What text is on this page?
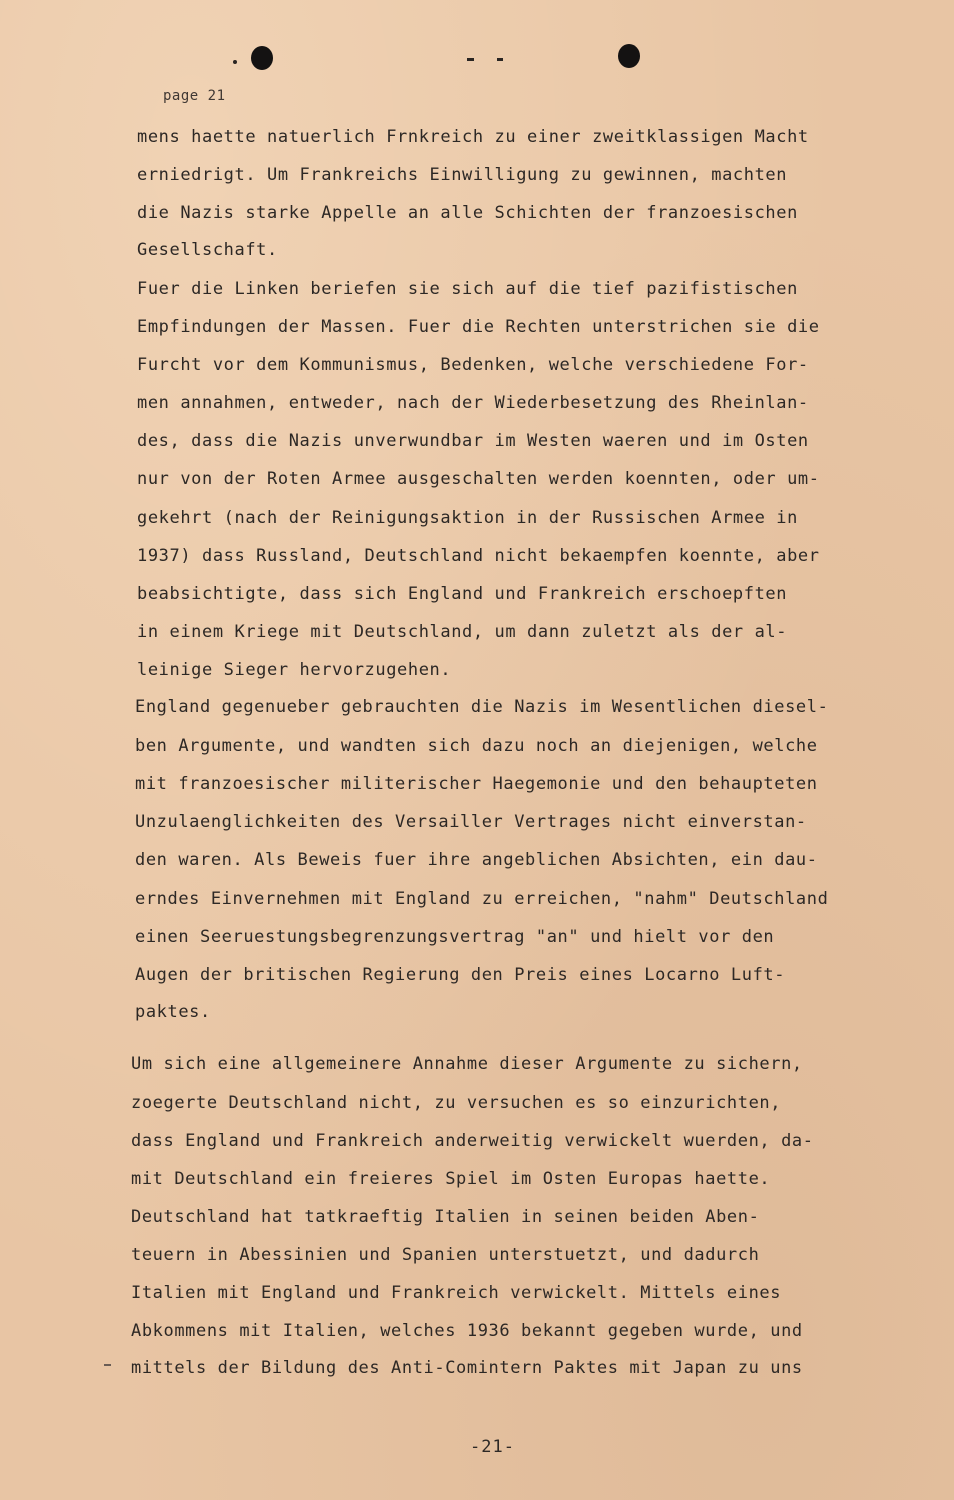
page 21
mens haette natuerlich Frnkreich zu einer zweitklassigen Macht
erniedrigt. Um Frankreichs Einwilligung zu gewinnen, machten
die Nazis starke Appelle an alle Schichten der franzoesischen
Gesellschaft.
Fuer die Linken beriefen sie sich auf die tief pazifistischen
Empfindungen der Massen. Fuer die Rechten unterstrichen sie die
Furcht vor dem Kommunismus, Bedenken, welche verschiedene For-
men annahmen, entweder, nach der Wiederbesetzung des Rheinlan-
des, dass die Nazis unverwundbar im Westen waeren und im Osten
nur von der Roten Armee ausgeschalten werden koennten, oder um-
gekehrt (nach der Reinigungsaktion in der Russischen Armee in
1937) dass Russland, Deutschland nicht bekaempfen koennte, aber
beabsichtigte, dass sich England und Frankreich erschoepften
in einem Kriege mit Deutschland, um dann zuletzt als der al-
leinige Sieger hervorzugehen.
England gegenueber gebrauchten die Nazis im Wesentlichen diesel-
ben Argumente, und wandten sich dazu noch an diejenigen, welche
mit franzoesischer militerischer Haegemonie und den behaupteten
Unzulaenglichkeiten des Versailler Vertrages nicht einverstan-
den waren. Als Beweis fuer ihre angeblichen Absichten, ein dau-
erndes Einvernehmen mit England zu erreichen, "nahm" Deutschland
einen Seeruestungsbegrenzungsvertrag "an" und hielt vor den
Augen der britischen Regierung den Preis eines Locarno Luft-
paktes.
Um sich eine allgemeinere Annahme dieser Argumente zu sichern,
zoegerte Deutschland nicht, zu versuchen es so einzurichten,
dass England und Frankreich anderweitig verwickelt wuerden, da-
mit Deutschland ein freieres Spiel im Osten Europas haette.
Deutschland hat tatkraeftig Italien in seinen beiden Aben-
teuern in Abessinien und Spanien unterstuetzt, und dadurch
Italien mit England und Frankreich verwickelt. Mittels eines
Abkommens mit Italien, welches 1936 bekannt gegeben wurde, und
mittels der Bildung des Anti-Comintern Paktes mit Japan zu uns
-21-
